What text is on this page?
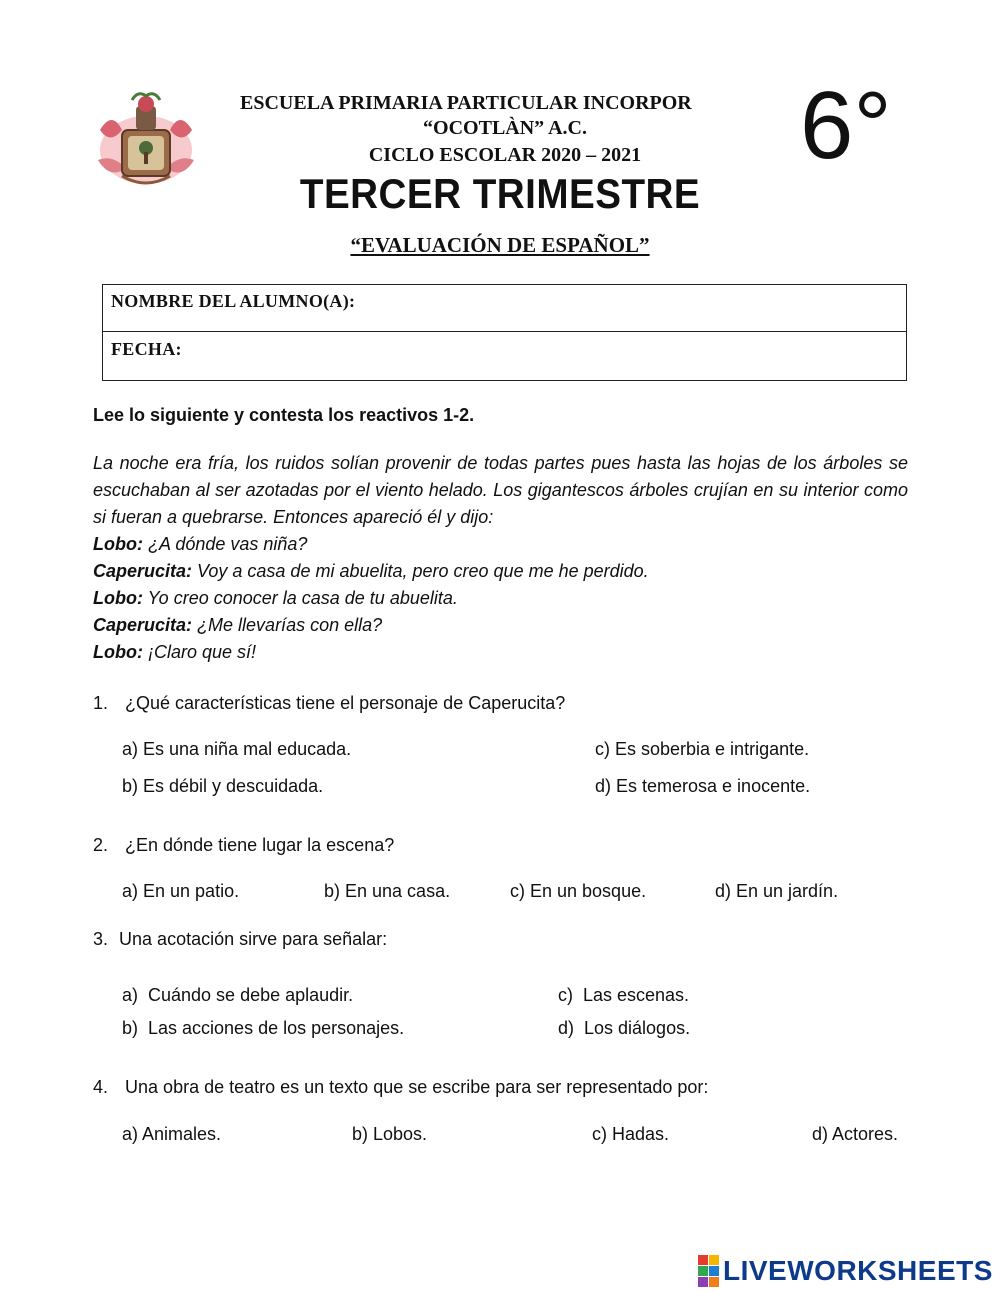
ESCUELA PRIMARIA PARTICULAR INCORPOR
“OCOTLÀN” A.C.
CICLO ESCOLAR 2020 – 2021	6°
TERCER TRIMESTRE
“EVALUACIÓN DE ESPAÑOL”
NOMBRE DEL ALUMNO(A):
FECHA:
Lee lo siguiente y contesta los reactivos 1-2.

La noche era fría, los ruidos solían provenir de todas partes pues hasta las hojas de los árboles se escuchaban al ser azotadas por el viento helado. Los gigantescos árboles crujían en su interior como si fueran a quebrarse. Entonces apareció él y dijo:

Lobo: ¿A dónde vas niña?

Caperucita: Voy a casa de mi abuelita, pero creo que me he perdido.

Lobo: Yo creo conocer la casa de tu abuelita.

Caperucita: ¿Me llevarías con ella?

Lobo: ¡Claro que sí!

1. ¿Qué características tiene el personaje de Caperucita?
a) Es una niña mal educada.	c) Es soberbia e intrigante.
b) Es débil y descuidada.	d) Es temerosa e inocente.
2. ¿En dónde tiene lugar la escena?
a) En un patio.	b) En una casa.	c) En un bosque.	d) En un jardín.
3. Una acotación sirve para señalar:
a)  Cuándo se debe aplaudir.	c)  Las escenas.
b)  Las acciones de los personajes.	d)  Los diálogos.
4. Una obra de teatro es un texto que se escribe para ser representado por:
a) Animales.	b) Lobos.	c) Hadas.	d) Actores.
LIVEWORKSHEETS
